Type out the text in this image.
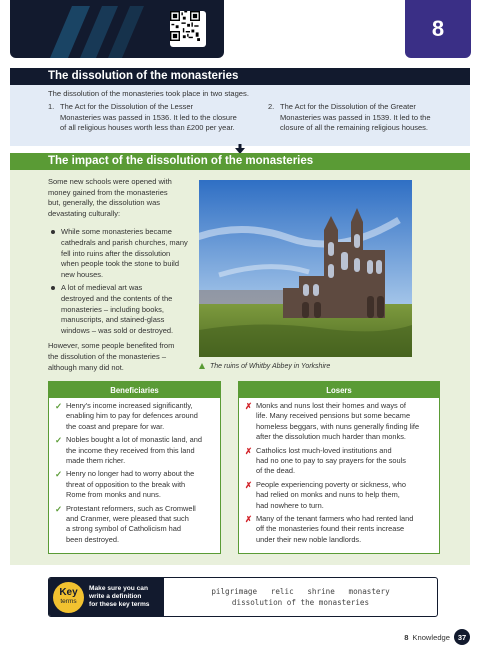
8
The dissolution of the monasteries
The dissolution of the monasteries took place in two stages.
1. The Act for the Dissolution of the Lesser
Monasteries was passed in 1536. It led to the closure
of all religious houses worth less than £200 per year.
2. The Act for the Dissolution of the Greater
Monasteries was passed in 1539. It led to the
closure of all the remaining religious houses.
The impact of the dissolution of the monasteries
Some new schools were opened with
money gained from the monasteries
but, generally, the dissolution was
devastating culturally:
While some monasteries became
cathedrals and parish churches, many
fell into ruins after the dissolution
when people took the stone to build
new houses.
A lot of medieval art was
destroyed and the contents of the
monasteries – including books,
manuscripts, and stained-glass
windows – was sold or destroyed.
However, some people benefited from
the dissolution of the monasteries –
although many did not.	The ruins of Whitby Abbey in Yorkshire
Beneficiaries
✓ Henry's income increased significantly,
enabling him to pay for defences around
the coast and prepare for war.
✓ Nobles bought a lot of monastic land, and
the income they received from this land
made them richer.
✓ Henry no longer had to worry about the
threat of opposition to the break with
Rome from monks and nuns.
✓ Protestant reformers, such as Cromwell
and Cranmer, were pleased that such
a strong symbol of Catholicism had
been destroyed.
Losers
✗ Monks and nuns lost their homes and ways of
life. Many received pensions but some became
homeless beggars, with nuns generally finding life
after the dissolution much harder than monks.
✗ Catholics lost much-loved institutions and
had no one to pay to say prayers for the souls
of the dead.
✗ People experiencing poverty or sickness, who
had relied on monks and nuns to help them,
had nowhere to turn.
✗ Many of the tenant farmers who had rented land
off the monasteries found their rents increase
under their new noble landlords.
Key
terms
Make sure you can
write a definition
for these key terms
pilgrimage   relic   shrine   monastery
dissolution of the monasteries
8 Knowledge	37
